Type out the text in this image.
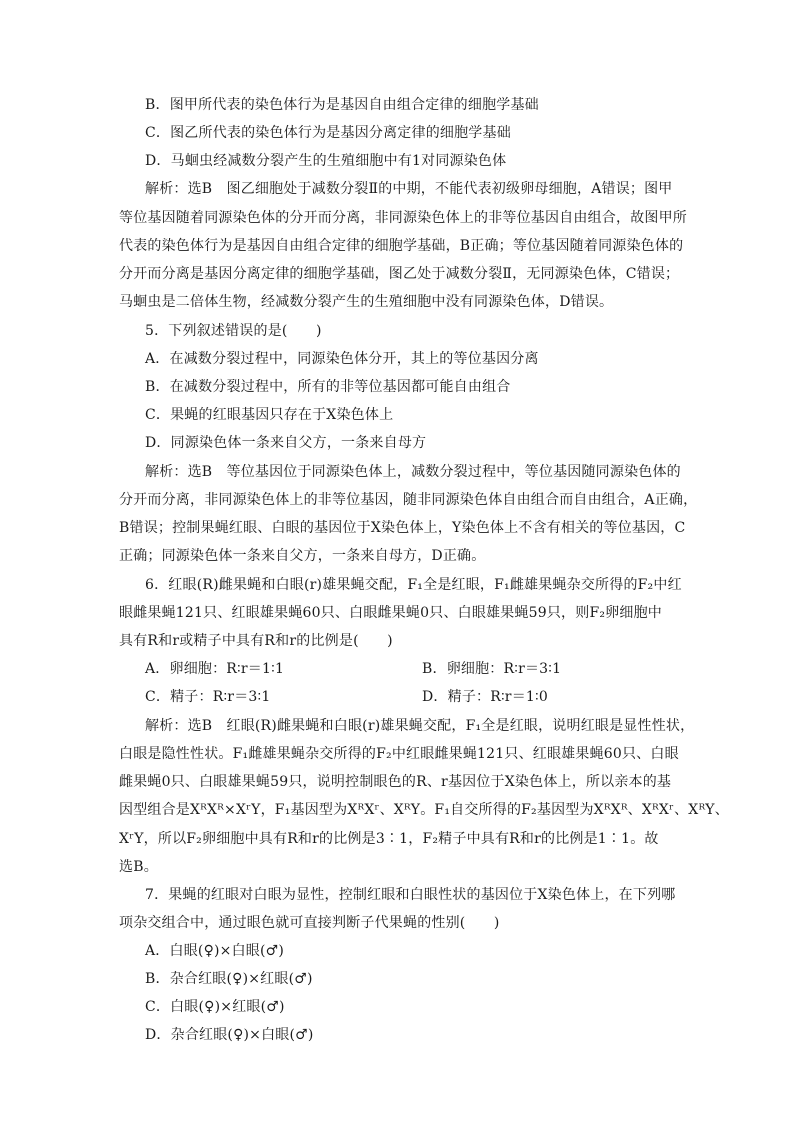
B．图甲所代表的染色体行为是基因自由组合定律的细胞学基础
C．图乙所代表的染色体行为是基因分离定律的细胞学基础
D．马蛔虫经减数分裂产生的生殖细胞中有1对同源染色体
解析：选B　图乙细胞处于减数分裂Ⅱ的中期，不能代表初级卵母细胞，A错误；图甲
等位基因随着同源染色体的分开而分离，非同源染色体上的非等位基因自由组合，故图甲所
代表的染色体行为是基因自由组合定律的细胞学基础，B正确；等位基因随着同源染色体的
分开而分离是基因分离定律的细胞学基础，图乙处于减数分裂Ⅱ，无同源染色体，C错误；
马蛔虫是二倍体生物，经减数分裂产生的生殖细胞中没有同源染色体，D错误。
5．下列叙述错误的是(　　)
A．在减数分裂过程中，同源染色体分开，其上的等位基因分离
B．在减数分裂过程中，所有的非等位基因都可能自由组合
C．果蝇的红眼基因只存在于X染色体上
D．同源染色体一条来自父方，一条来自母方
解析：选B　等位基因位于同源染色体上，减数分裂过程中，等位基因随同源染色体的
分开而分离，非同源染色体上的非等位基因，随非同源染色体自由组合而自由组合，A正确，
B错误；控制果蝇红眼、白眼的基因位于X染色体上，Y染色体上不含有相关的等位基因，C
正确；同源染色体一条来自父方，一条来自母方，D正确。
6．红眼(R)雌果蝇和白眼(r)雄果蝇交配，F₁全是红眼，F₁雌雄果蝇杂交所得的F₂中红
眼雌果蝇121只、红眼雄果蝇60只、白眼雌果蝇0只、白眼雄果蝇59只，则F₂卵细胞中
具有R和r或精子中具有R和r的比例是(　　)
A．卵细胞：R∶r＝1∶1	B．卵细胞：R∶r＝3∶1
C．精子：R∶r＝3∶1	D．精子：R∶r＝1∶0
解析：选B　红眼(R)雌果蝇和白眼(r)雄果蝇交配，F₁全是红眼，说明红眼是显性性状，
白眼是隐性性状。F₁雌雄果蝇杂交所得的F₂中红眼雌果蝇121只、红眼雄果蝇60只、白眼
雌果蝇0只、白眼雄果蝇59只，说明控制眼色的R、r基因位于X染色体上，所以亲本的基
因型组合是XᴿXᴿ×XʳY，F₁基因型为XᴿXʳ、XᴿY。F₁自交所得的F₂基因型为XᴿXᴿ、XᴿXʳ、XᴿY、
XʳY，所以F₂卵细胞中具有R和r的比例是3∶1，F₂精子中具有R和r的比例是1∶1。故
选B。
7．果蝇的红眼对白眼为显性，控制红眼和白眼性状的基因位于X染色体上，在下列哪
项杂交组合中，通过眼色就可直接判断子代果蝇的性别(　　)
A．白眼(♀)×白眼(♂)
B．杂合红眼(♀)×红眼(♂)
C．白眼(♀)×红眼(♂)
D．杂合红眼(♀)×白眼(♂)
